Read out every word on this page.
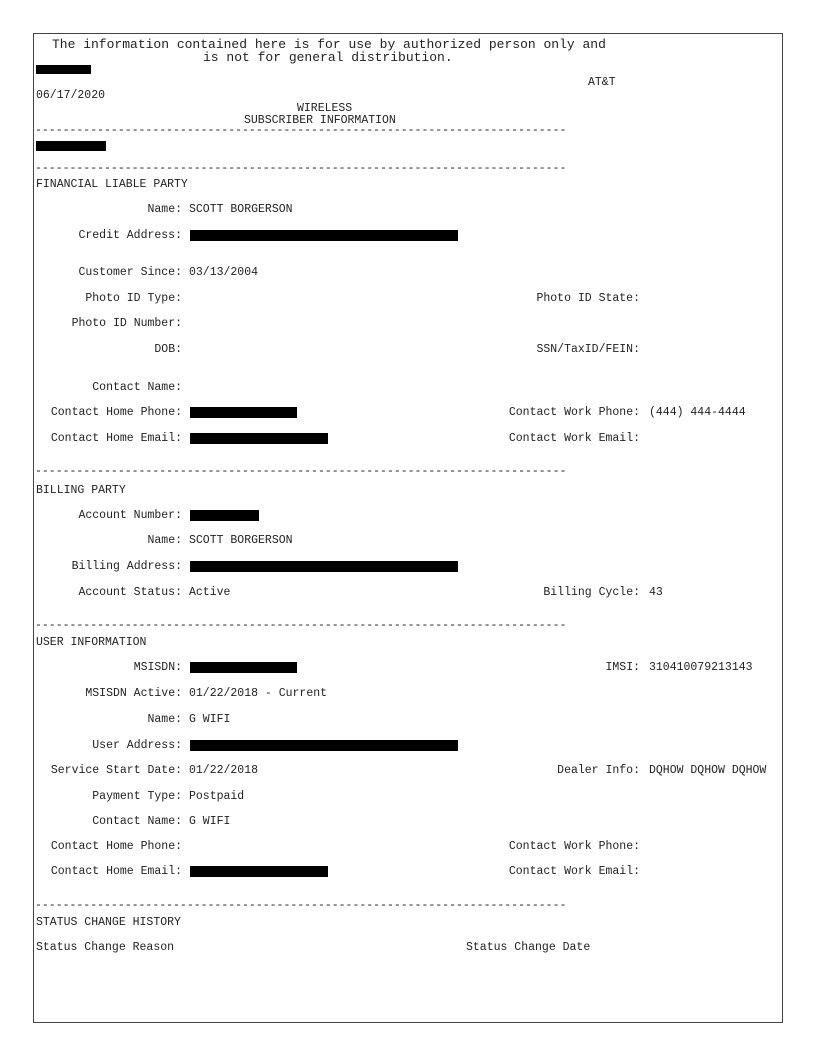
The information contained here is for use by authorized person only and
is not for general distribution.
AT&T
06/17/2020
WIRELESS
SUBSCRIBER INFORMATION
-----------------------------------------------------------------------------
-----------------------------------------------------------------------------
FINANCIAL LIABLE PARTY
Name: SCOTT BORGERSON
Credit Address:
Customer Since: 03/13/2004
Photo ID Type:	Photo ID State:
Photo ID Number:
DOB:	SSN/TaxID/FEIN:
Contact Name:
Contact Home Phone:	Contact Work Phone: (444) 444-4444
Contact Home Email:	Contact Work Email:
-----------------------------------------------------------------------------
BILLING PARTY
Account Number:
Name: SCOTT BORGERSON
Billing Address:
Account Status: Active	Billing Cycle: 43
-----------------------------------------------------------------------------
USER INFORMATION
MSISDN:	IMSI: 310410079213143
MSISDN Active: 01/22/2018 - Current
Name: G WIFI
User Address:
Service Start Date: 01/22/2018	Dealer Info: DQHOW DQHOW DQHOW
Payment Type: Postpaid
Contact Name: G WIFI
Contact Home Phone:	Contact Work Phone:
Contact Home Email:	Contact Work Email:
-----------------------------------------------------------------------------
STATUS CHANGE HISTORY
Status Change Reason	Status Change Date
